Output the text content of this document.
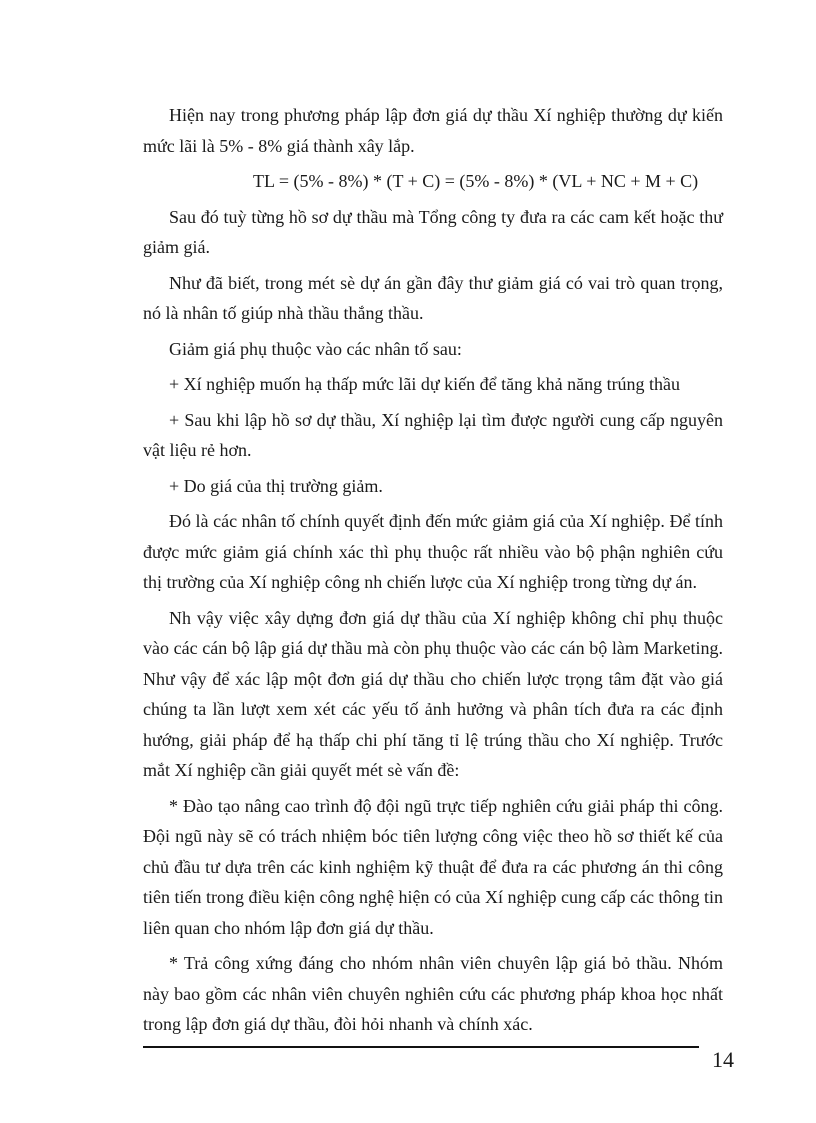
Hiện nay trong phương pháp lập đơn giá dự thầu Xí nghiệp thường dự kiến mức lãi là 5% - 8% giá thành xây lắp.

TL = (5% - 8%) * (T + C) = (5% - 8%) * (VL + NC + M + C)

Sau đó tuỳ từng hồ sơ dự thầu mà Tổng công ty đưa ra các cam kết hoặc thư giảm giá.

Như đã biết, trong mét sè dự án gần đây thư giảm giá có vai trò quan trọng, nó là nhân tố giúp nhà thầu thắng thầu.

Giảm giá phụ thuộc vào các nhân tố sau:

+ Xí nghiệp muốn hạ thấp mức lãi dự kiến để tăng khả năng trúng thầu

+ Sau khi lập hồ sơ dự thầu, Xí nghiệp lại tìm được người cung cấp nguyên vật liệu rẻ hơn.

+ Do giá của thị trường giảm.

Đó là các nhân tố chính quyết định đến mức giảm giá của Xí nghiệp. Để tính được mức giảm giá chính xác thì phụ thuộc rất nhiều vào bộ phận nghiên cứu thị trường của Xí nghiệp công nh chiến lược của Xí nghiệp trong từng dự án.

Nh vậy việc xây dựng đơn giá dự thầu của Xí nghiệp không chỉ phụ thuộc vào các cán bộ lập giá dự thầu mà còn phụ thuộc vào các cán bộ làm Marketing. Như vậy để xác lập một đơn giá dự thầu cho chiến lược trọng tâm đặt vào giá chúng ta lần lượt xem xét các yếu tố ảnh hưởng và phân tích đưa ra các định hướng, giải pháp để hạ thấp chi phí tăng tỉ lệ trúng thầu cho Xí nghiệp. Trước mắt Xí nghiệp cần giải quyết mét sè vấn đề:

* Đào tạo nâng cao trình độ đội ngũ trực tiếp nghiên cứu giải pháp thi công. Đội ngũ này sẽ có trách nhiệm bóc tiên lượng công việc theo hồ sơ thiết kế của chủ đầu tư dựa trên các kinh nghiệm kỹ thuật để đưa ra các phương án thi công tiên tiến trong điều kiện công nghệ hiện có của Xí nghiệp cung cấp các thông tin liên quan cho nhóm lập đơn giá dự thầu.

* Trả công xứng đáng cho nhóm nhân viên chuyên lập giá bỏ thầu. Nhóm này bao gồm các nhân viên chuyên nghiên cứu các phương pháp khoa học nhất trong lập đơn giá dự thầu, đòi hỏi nhanh và chính xác.

14
